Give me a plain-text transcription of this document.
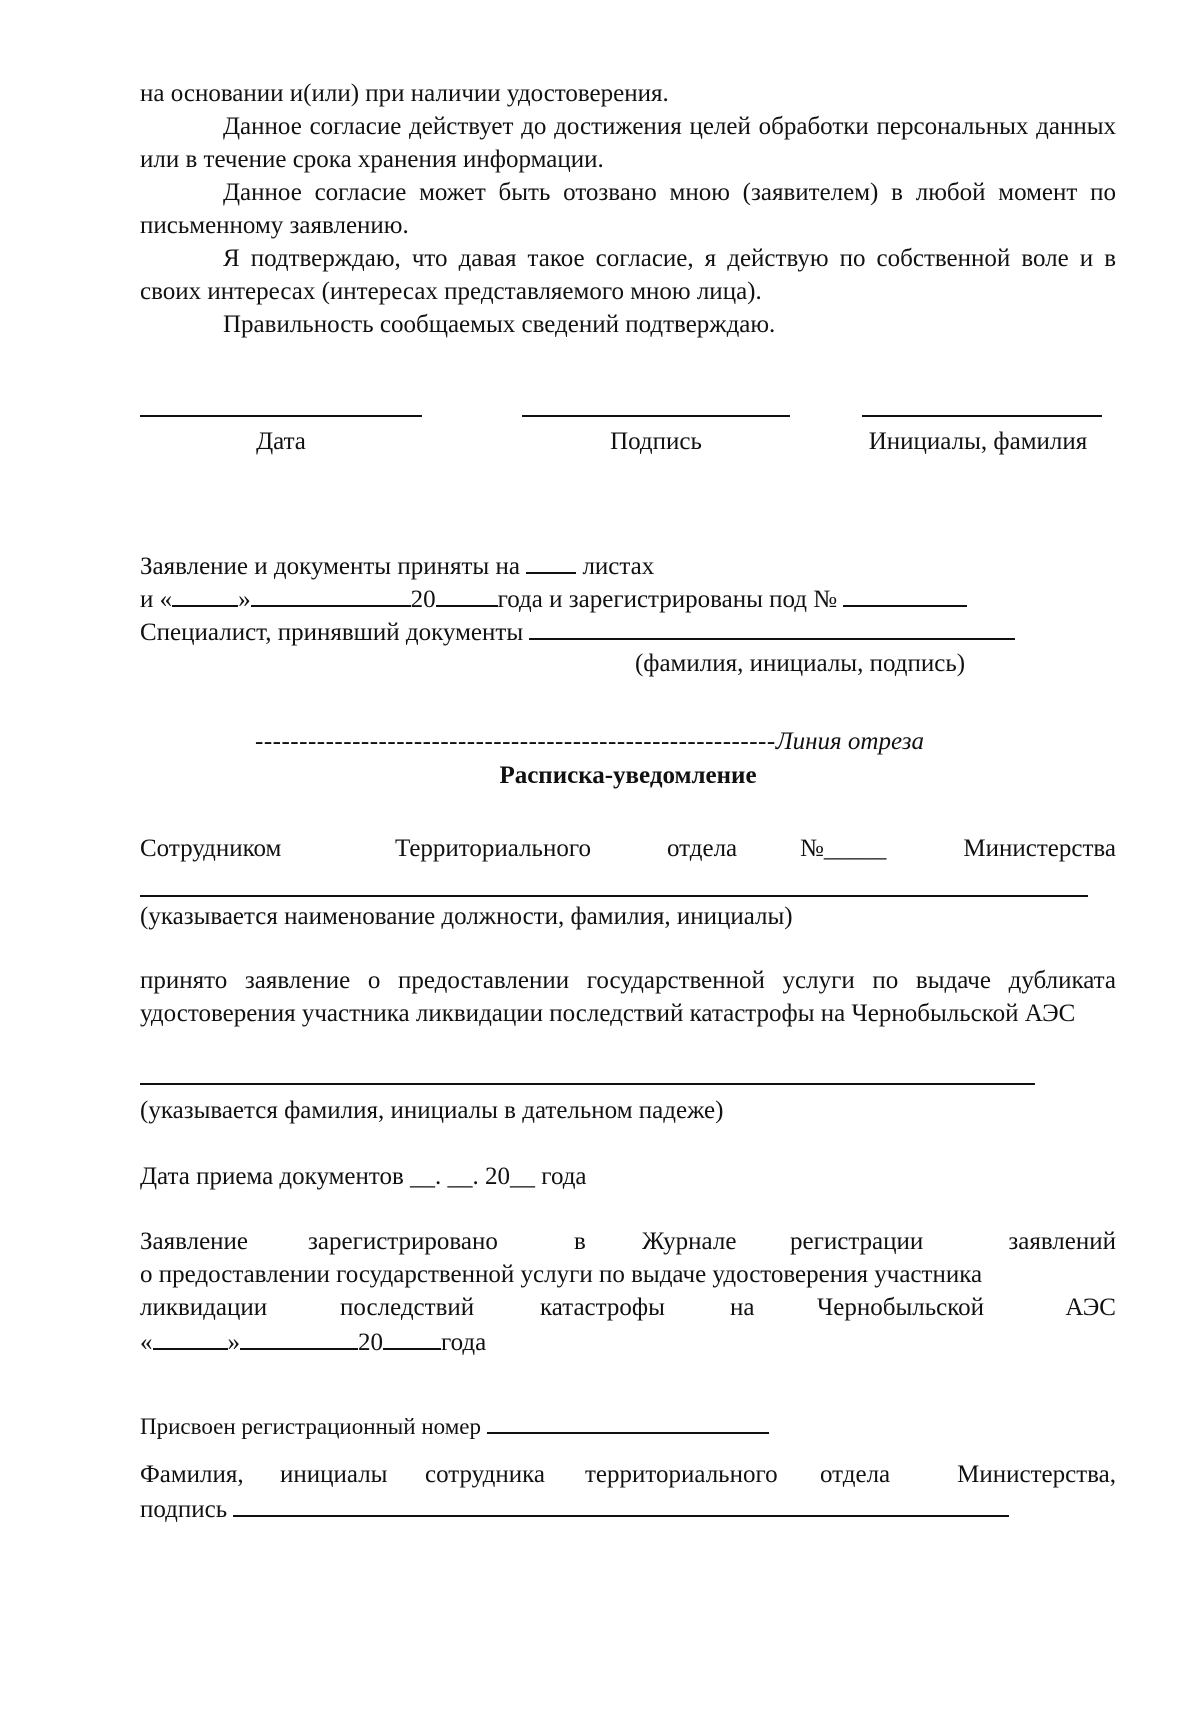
на основании и(или) при наличии удостоверения.

Данное согласие действует до достижения целей обработки персональных данных или в течение срока хранения информации.

Данное согласие может быть отозвано мною (заявителем) в любой момент по письменному заявлению.

Я подтверждаю, что давая такое согласие, я действую по собственной воле и в своих интересах (интересах представляемого мною лица).

Правильность сообщаемых сведений подтверждаю.

Дата	Подпись	Инициалы, фамилия
Заявление и документы приняты на	листах
и «	»	20 года и зарегистрированы под №
Специалист, принявший документы
(фамилия, инициалы, подпись)
-----------------------------------------------------------Линия отреза
Расписка-уведомление
Сотрудником	Территориального	отдела	№_____	Министерства
(указывается наименование должности, фамилия, инициалы)

принято заявление о предоставлении государственной услуги по выдаче дубликата удостоверения участника ликвидации последствий катастрофы на Чернобыльской АЭС

(указывается фамилия, инициалы в дательном падеже)
Дата приема документов __. __. 20__ года
Заявление зарегистрировано	в Журнале регистрации	заявлений
о предоставлении государственной услуги по выдаче удостоверения участника
ликвидации	последствий	катастрофы	на	Чернобыльской	АЭС
«	»	20 года
Присвоен регистрационный номер
Фамилия, инициалы сотрудника территориального отдела	Министерства,
подпись
